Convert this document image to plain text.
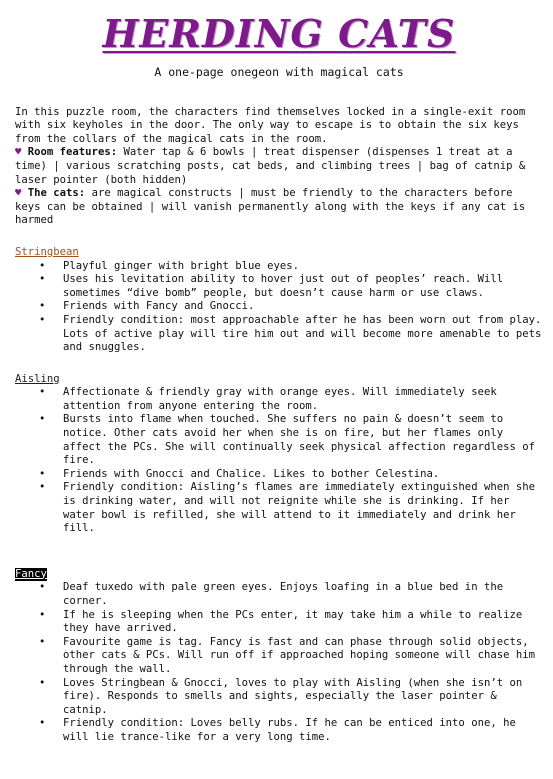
HERDING CATS
A one-page onegeon with magical cats
In this puzzle room, the characters find themselves locked in a single-exit room with six keyholes in the door. The only way to escape is to obtain the six keys from the collars of the magical cats in the room.
♥ Room features: Water tap & 6 bowls | treat dispenser (dispenses 1 treat at a time) | various scratching posts, cat beds, and climbing trees | bag of catnip & laser pointer (both hidden)
♥ The cats: are magical constructs | must be friendly to the characters before keys can be obtained | will vanish permanently along with the keys if any cat is harmed
Stringbean
• Playful ginger with bright blue eyes.
• Uses his levitation ability to hover just out of peoples’ reach. Will sometimes “dive bomb” people, but doesn’t cause harm or use claws.
• Friends with Fancy and Gnocci.
• Friendly condition: most approachable after he has been worn out from play. Lots of active play will tire him out and will become more amenable to pets and snuggles.
Aisling
• Affectionate & friendly gray with orange eyes. Will immediately seek attention from anyone entering the room.
• Bursts into flame when touched. She suffers no pain & doesn’t seem to notice. Other cats avoid her when she is on fire, but her flames only affect the PCs. She will continually seek physical affection regardless of fire.
• Friends with Gnocci and Chalice. Likes to bother Celestina.
• Friendly condition: Aisling’s flames are immediately extinguished when she is drinking water, and will not reignite while she is drinking. If her water bowl is refilled, she will attend to it immediately and drink her fill.
Fancy
• Deaf tuxedo with pale green eyes. Enjoys loafing in a blue bed in the corner.
• If he is sleeping when the PCs enter, it may take him a while to realize they have arrived.
• Favourite game is tag. Fancy is fast and can phase through solid objects, other cats & PCs. Will run off if approached hoping someone will chase him through the wall.
• Loves Stringbean & Gnocci, loves to play with Aisling (when she isn’t on fire). Responds to smells and sights, especially the laser pointer & catnip.
• Friendly condition: Loves belly rubs. If he can be enticed into one, he will lie trance-like for a very long time.
